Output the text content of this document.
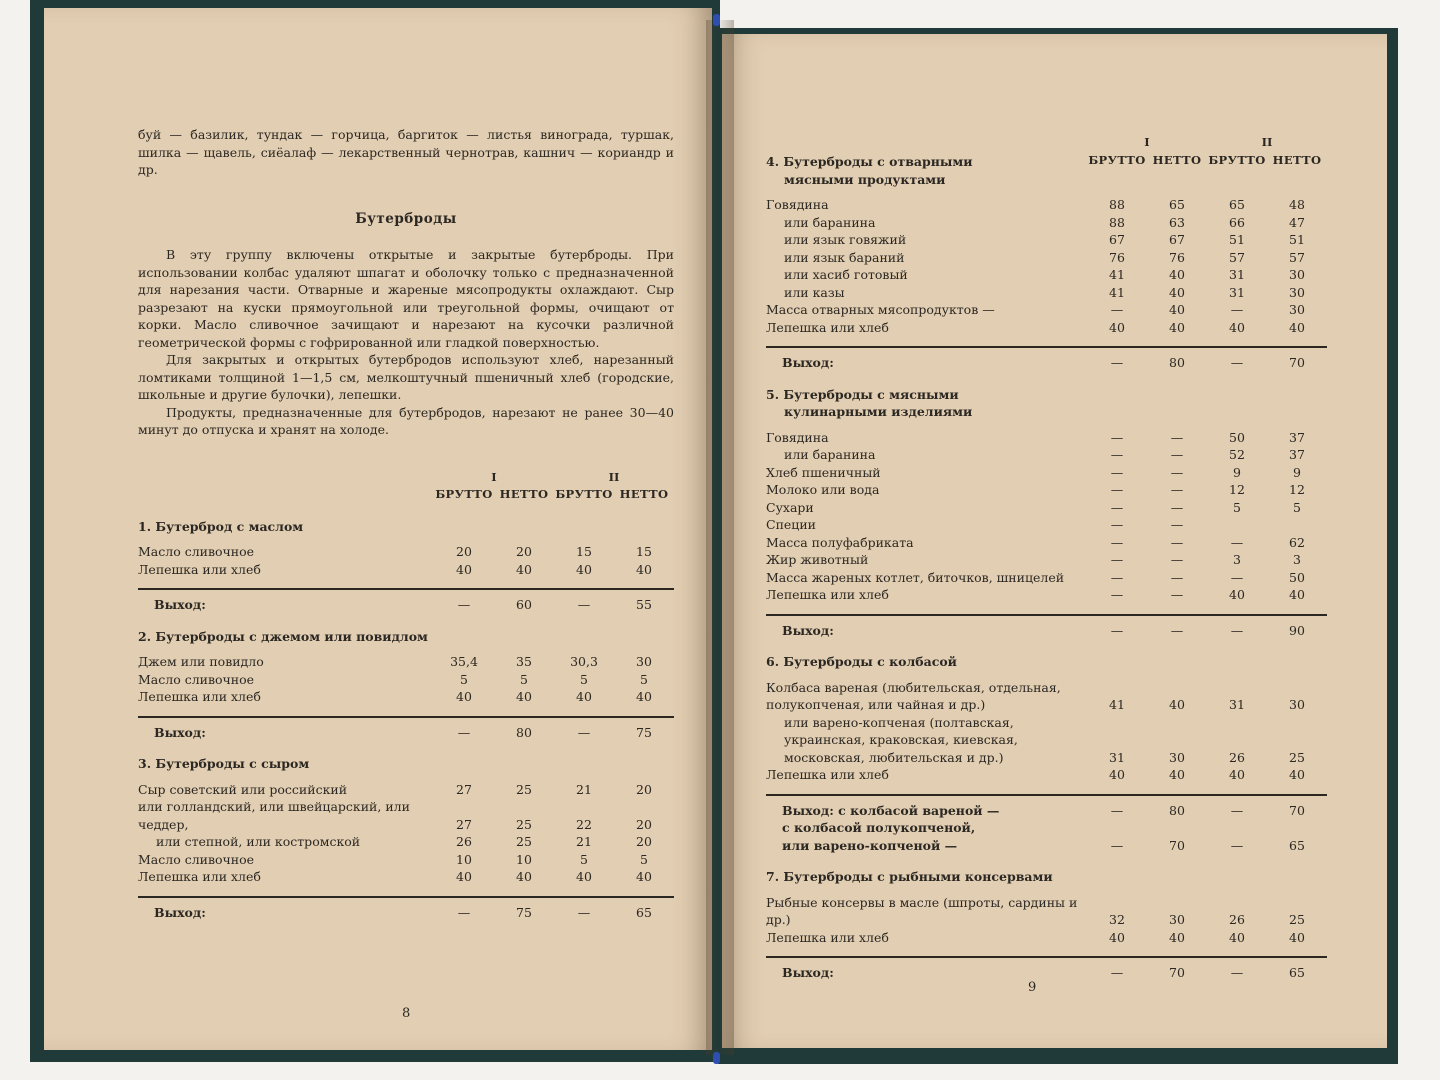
буй — базилик, тундак — горчица, баргиток — листья винограда, туршак, шилка — щавель, сиёалаф — лекарственный чернотрав, кашнич — кориандр и др.

Бутерброды

В эту группу включены открытые и закрытые бутерброды. При использовании колбас удаляют шпагат и оболочку только с предназначенной для нарезания части. Отварные и жареные мясопродукты охлаждают. Сыр разрезают на куски прямоугольной или треугольной формы, очищают от корки. Масло сливочное зачищают и нарезают на кусочки различной геометрической формы с гофрированной или гладкой поверхностью.

Для закрытых и открытых бутербродов используют хлеб, нарезанный ломтиками толщиной 1—1,5 см, мелкоштучный пшеничный хлеб (городские, школьные и другие булочки), лепешки.

Продукты, предназначенные для бутербродов, нарезают не ранее 30—40 минут до отпуска и хранят на холоде.

I	II
БРУТТО НЕТТО БРУТТО НЕТТО
1. Бутерброд с маслом
Масло сливочное	20	20	15	15
Лепешка или хлеб	40	40	40	40
Выход:	—	60	—	55
2. Бутерброды с джемом или повидлом
Джем или повидло	35,4	35	30,3	30
Масло сливочное	5	5	5	5
Лепешка или хлеб	40	40	40	40
Выход:	—	80	—	75
3. Бутерброды с сыром
Сыр советский или российский	27	25	21	20
или голландский, или швейцарский, или чеддер,	27	25	22	20
или степной, или костромской	26	25	21	20
Масло сливочное	10	10	5	5
Лепешка или хлеб	40	40	40	40
Выход:	—	75	—	65
8
I	II
БРУТТО НЕТТО БРУТТО НЕТТО
4. Бутерброды с отварными
мясными продуктами
Говядина	88	65	65	48
или баранина	88	63	66	47
или язык говяжий	67	67	51	51
или язык бараний	76	76	57	57
или хасиб готовый	41	40	31	30
или казы	41	40	31	30
Масса отварных мясопродуктов —	—	40	—	30
Лепешка или хлеб	40	40	40	40
Выход:	—	80	—	70
5. Бутерброды с мясными
кулинарными изделиями
Говядина	—	—	50	37
или баранина	—	—	52	37
Хлеб пшеничный	—	—	9	9
Молоко или вода	—	—	12	12
Сухари	—	—	5	5
Специи	—	—
Масса полуфабриката	—	—	—	62
Жир животный	—	—	3	3
Масса жареных котлет, биточков, шницелей	—	—	—	50
Лепешка или хлеб	—	—	40	40
Выход:	—	—	—	90
6. Бутерброды с колбасой
Колбаса вареная (любительская, отдельная, полукопченая, или чайная и др.)	41	40	31	30
или варено-копченая (полтавская, украинская, краковская, киевская, московская, любительская и др.)	31	30	26	25
Лепешка или хлеб	40	40	40	40
Выход: с колбасой вареной —	—	80	—	70
с колбасой полукопченой,
или варено-копченой —	—	70	—	65
7. Бутерброды с рыбными консервами
Рыбные консервы в масле (шпроты, сардины и др.)	32	30	26	25
Лепешка или хлеб	40	40	40	40
Выход:	—	70	—	65
9
